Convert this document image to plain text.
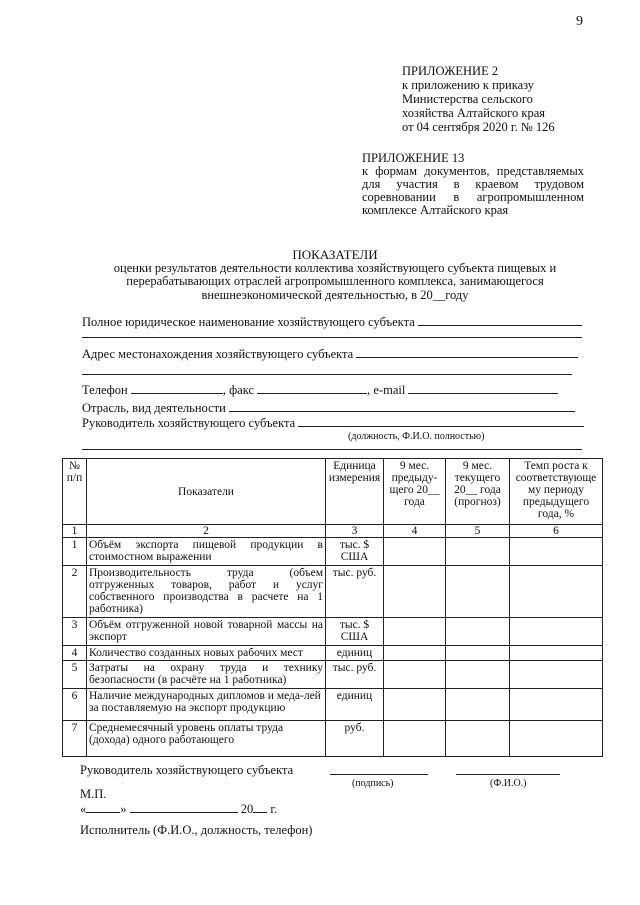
9
ПРИЛОЖЕНИЕ 2
к приложению к приказу
Министерства сельского
хозяйства Алтайского края
от 04 сентября 2020 г. № 126
ПРИЛОЖЕНИЕ 13
к формам документов, представляемых
для участия в краевом трудовом
соревновании в агропромышленном
комплексе Алтайского края
ПОКАЗАТЕЛИ
оценки результатов деятельности коллектива хозяйствующего субъекта пищевых и перерабатывающих отраслей агропромышленного комплекса, занимающегося внешнеэкономической деятельностью, в 20__году
Полное юридическое наименование хозяйствующего субъекта
Адрес местонахождения хозяйствующего субъекта
Телефон	, факс	, e-mail
Отрасль, вид деятельности
Руководитель хозяйствующего субъекта
(должность, Ф.И.О. полностью)
№ п/п	Показатели	Единица измерения	9 мес. предыду-щего 20__ года	9 мес. текущего 20__ года (прогноз)	Темп роста к соответствующе му периоду предыдущего года, %
1	2	3	4	5	6
1	Объём экспорта пищевой продукции в стоимостном выражении	тыс. $ США			
2	Производительность труда (объем отгруженных товаров, работ и услуг собственного производства в расчете на 1 работника)	тыс. руб.			
3	Объём отгруженной новой товарной массы на экспорт	тыс. $ США			
4	Количество созданных новых рабочих мест	единиц			
5	Затраты на охрану труда и технику безопасности (в расчёте на 1 работника)	тыс. руб.			
6	Наличие международных дипломов и меда-лей за поставляемую на экспорт продукцию	единиц			
7	Среднемесячный уровень оплаты труда (дохода) одного работающего	руб.			
Руководитель хозяйствующего субъекта
(подпись)	(Ф.И.О.)
М.П.
«	»	20 г.
Исполнитель (Ф.И.О., должность, телефон)
